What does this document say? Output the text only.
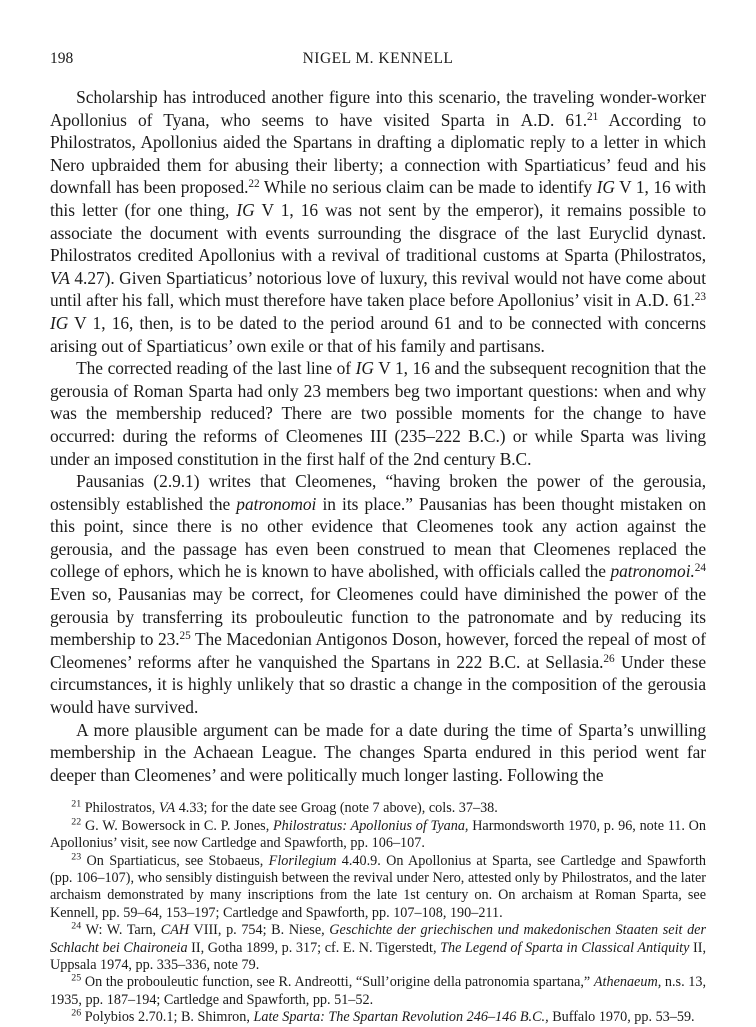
198	NIGEL M. KENNELL

Scholarship has introduced another figure into this scenario, the traveling wonder-worker Apollonius of Tyana, who seems to have visited Sparta in A.D. 61.21 According to Philostratos, Apollonius aided the Spartans in drafting a diplomatic reply to a letter in which Nero upbraided them for abusing their liberty; a connection with Spartiaticus’ feud and his downfall has been proposed.$^{22}$ While no serious claim can be made to identify IG V 1, 16 with this letter (for one thing, IG V 1, 16 was not sent by the emperor), it remains possible to associate the document with events surrounding the disgrace of the last Euryclid dynast. Philostratos credited Apollonius with a revival of traditional customs at Sparta (Philostratos, VA 4.27). Given Spartiaticus’ notorious love of luxury, this revival would not have come about until after his fall, which must therefore have taken place before Apollonius’ visit in A.D. 61.23 IG V 1, 16, then, is to be dated to the period around 61 and to be connected with concerns arising out of Spartiaticus’ own exile or that of his family and partisans.

The corrected reading of the last line of IG V 1, 16 and the subsequent recognition that the gerousia of Roman Sparta had only 23 members beg two important questions: when and why was the membership reduced? There are two possible moments for the change to have occurred: during the reforms of Cleomenes III (235–222 B.C.) or while Sparta was living under an imposed constitution in the first half of the 2nd century B.C.

Pausanias (2.9.1) writes that Cleomenes, “having broken the power of the gerousia, ostensibly established the patronomoi in its place.” Pausanias has been thought mistaken on this point, since there is no other evidence that Cleomenes took any action against the gerousia, and the passage has even been construed to mean that Cleomenes replaced the college of ephors, which he is known to have abolished, with officials called the patronomoi.$^{24}$ Even so, Pausanias may be correct, for Cleomenes could have diminished the power of the gerousia by transferring its probouleutic function to the patronomate and by reducing its membership to 23.25 The Macedonian Antigonos Doson, however, forced the repeal of most of Cleomenes’ reforms after he vanquished the Spartans in 222 B.C. at Sellasia.$^{26}$ Under these circumstances, it is highly unlikely that so drastic a change in the composition of the gerousia would have survived.

A more plausible argument can be made for a date during the time of Sparta’s unwilling membership in the Achaean League. The changes Sparta endured in this period went far deeper than Cleomenes’ and were politically much longer lasting. Following the

$^{21}$ Philostratos, VA 4.33; for the date see Groag (note 7 above), cols. 37–38.

$^{22}$ G. W. Bowersock in C. P. Jones, Philostratus: Apollonius of Tyana, Harmondsworth 1970, p. 96, note 11. On Apollonius’ visit, see now Cartledge and Spawforth, pp. 106–107.

$^{23}$ On Spartiaticus, see Stobaeus, Florilegium 4.40.9. On Apollonius at Sparta, see Cartledge and Spawforth (pp. 106–107), who sensibly distinguish between the revival under Nero, attested only by Philostratos, and the later archaism demonstrated by many inscriptions from the late 1st century on. On archaism at Roman Sparta, see Kennell, pp. 59–64, 153–197; Cartledge and Spawforth, pp. 107–108, 190–211.

$^{24}$ W: W. Tarn, CAH VIII, p. 754; B. Niese, Geschichte der griechischen und makedonischen Staaten seit der Schlacht bei Chaironeia II, Gotha 1899, p. 317; cf. E. N. Tigerstedt, The Legend of Sparta in Classical Antiquity II, Uppsala 1974, pp. 335–336, note 79.

$^{25}$ On the probouleutic function, see R. Andreotti, “Sull’origine della patronomia spartana,” Athenaeum, n.s. 13, 1935, pp. 187–194; Cartledge and Spawforth, pp. 51–52.

$^{26}$ Polybios 2.70.1; B. Shimron, Late Sparta: The Spartan Revolution 246–146 B.C., Buffalo 1970, pp. 53–59.
